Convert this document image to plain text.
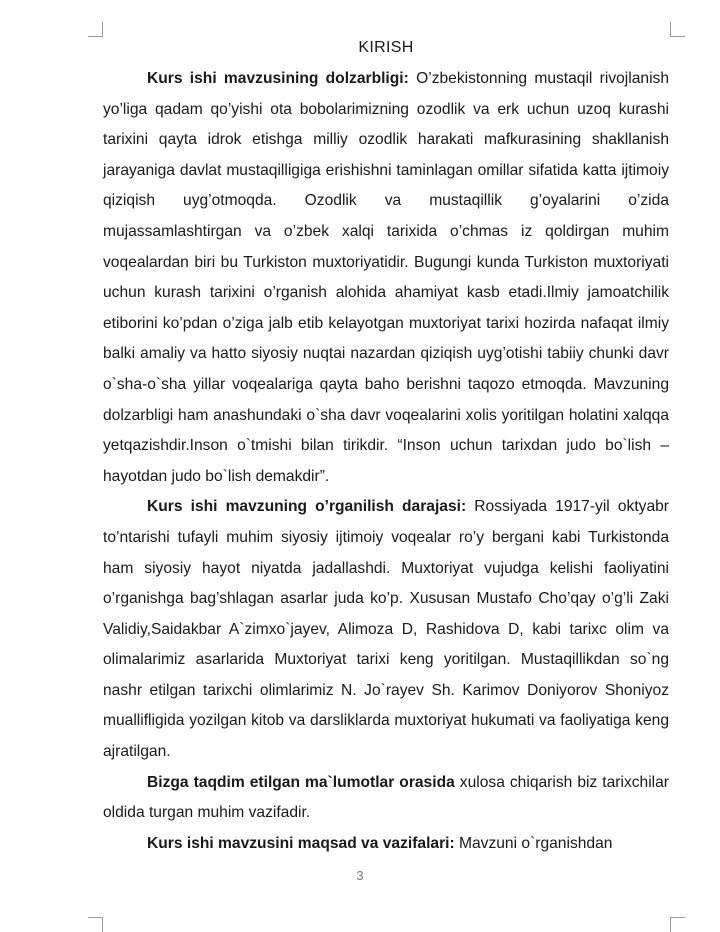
KIRISH

Kurs ishi mavzusining dolzarbligi: O’zbekistonning mustaqil rivojlanish yo’liga qadam qo’yishi ota bobolarimizning ozodlik va erk uchun uzoq kurashi tarixini qayta idrok etishga milliy ozodlik harakati mafkurasining shakllanish jarayaniga davlat mustaqilligiga erishishni taminlagan omillar sifatida katta ijtimoiy qiziqish uyg’otmoqda. Ozodlik va mustaqillik g’oyalarini o’zida mujassamlashtirgan va o’zbek xalqi tarixida o’chmas iz qoldirgan muhim voqealardan biri bu Turkiston muxtoriyatidir. Bugungi kunda Turkiston muxtoriyati uchun kurash tarixini o’rganish alohida ahamiyat kasb etadi.Ilmiy jamoatchilik etiborini ko’pdan o’ziga jalb etib kelayotgan muxtoriyat tarixi hozirda nafaqat ilmiy balki amaliy va hatto siyosiy nuqtai nazardan qiziqish uyg’otishi tabiiy chunki davr o`sha-o`sha yillar voqealariga qayta baho berishni taqozo etmoqda. Mavzuning dolzarbligi ham anashundaki o`sha davr voqealarini xolis yoritilgan holatini xalqqa yetqazishdir.Inson o`tmishi bilan tirikdir. “Inson uchun tarixdan judo bo`lish –hayotdan judo bo`lish demakdir”.

Kurs ishi mavzuning o’rganilish darajasi: Rossiyada 1917-yil oktyabr to’ntarishi tufayli muhim siyosiy ijtimoiy voqealar ro’y bergani kabi Turkistonda ham siyosiy hayot niyatda jadallashdi. Muxtoriyat vujudga kelishi faoliyatini o’rganishga bag’shlagan asarlar juda ko’p. Xususan Mustafo Cho’qay o’g’li Zaki Validiy,Saidakbar A`zimxo`jayev, Alimoza D, Rashidova D, kabi tarixc olim va olimalarimiz asarlarida Muxtoriyat tarixi keng yoritilgan. Mustaqillikdan so`ng nashr etilgan tarixchi olimlarimiz N. Jo`rayev Sh. Karimov Doniyorov Shoniyoz muallifligida yozilgan kitob va darsliklarda muxtoriyat hukumati va faoliyatiga keng ajratilgan.

Bizga taqdim etilgan ma`lumotlar orasida xulosa chiqarish biz tarixchilar oldida turgan muhim vazifadir.

Kurs ishi mavzusini maqsad va vazifalari: Mavzuni o`rganishdan

3
